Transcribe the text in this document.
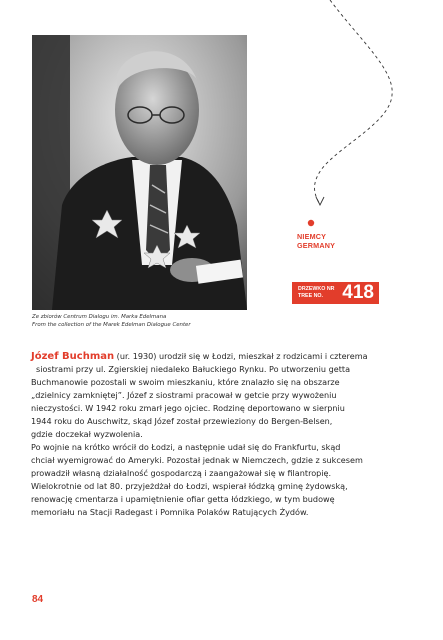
NIEMCY
GERMANY
DRZEWKO NR
TREE NO.	418
Ze zbiorów Centrum Dialogu im. Marka Edelmana
From the collection of the Marek Edelman Dialogue Center
Józef Buchman (ur. 1930) urodził się w Łodzi, mieszkał z rodzicami i czterema
siostrami przy ul. Zgierskiej niedaleko Bałuckiego Rynku. Po utworzeniu getta
Buchmanowie pozostali w swoim mieszkaniu, które znalazło się na obszarze
„dzielnicy zamkniętej”. Józef z siostrami pracował w getcie przy wywożeniu
nieczystości. W 1942 roku zmarł jego ojciec. Rodzinę deportowano w sierpniu
1944 roku do Auschwitz, skąd Józef został przewieziony do Bergen-Belsen,
gdzie doczekał wyzwolenia.
Po wojnie na krótko wrócił do Łodzi, a następnie udał się do Frankfurtu, skąd
chciał wyemigrować do Ameryki. Pozostał jednak w Niemczech, gdzie z sukcesem
prowadził własną działalność gospodarczą i zaangażował się w filantropię.
Wielokrotnie od lat 80. przyjeżdżał do Łodzi, wspierał łódzką gminę żydowską,
renowację cmentarza i upamiętnienie ofiar getta łódzkiego, w tym budowę
memoriału na Stacji Radegast i Pomnika Polaków Ratujących Żydów.
84
